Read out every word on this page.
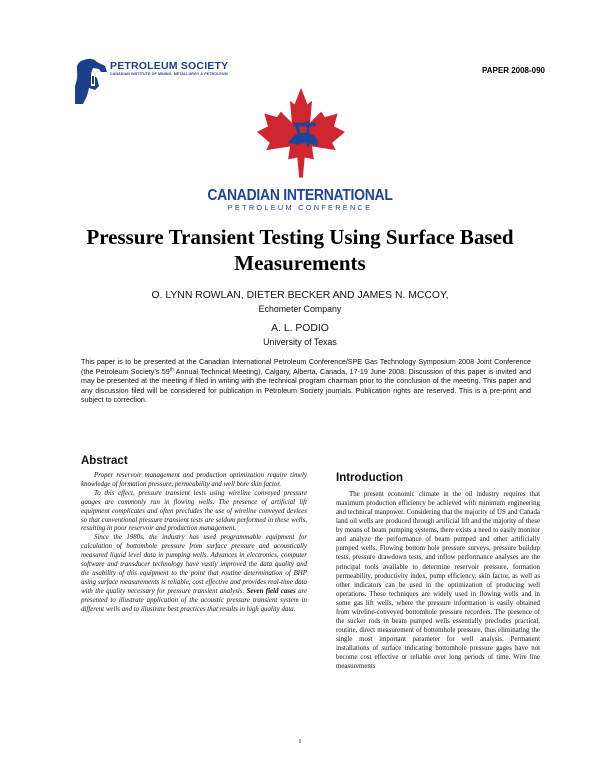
PETROLEUM SOCIETY
CANADIAN INSTITUTE OF MINING, METALLURGY & PETROLEUM	PAPER 2008-090
CANADIAN INTERNATIONAL
PETROLEUM CONFERENCE
Pressure Transient Testing Using Surface Based Measurements
O. LYNN ROWLAN, DIETER BECKER AND JAMES N. MCCOY,
Echometer Company
A. L. PODIO
University of Texas
This paper is to be presented at the Canadian International Petroleum Conference/SPE Gas Technology Symposium 2008 Joint Conference (the Petroleum Society’s 59th Annual Technical Meeting), Calgary, Alberta, Canada, 17-19 June 2008. Discussion of this paper is invited and may be presented at the meeting if filed in writing with the technical program chairman prior to the conclusion of the meeting. This paper and any discussion filed will be considered for publication in Petroleum Society journals. Publication rights are reserved. This is a pre-print and subject to correction.
Abstract

Proper reservoir management and production optimization require timely knowledge of formation pressure, permeability and well bore skin factor.

To this effect, pressure transient tests using wireline conveyed pressure gauges are commonly run in flowing wells. The presence of artificial lift equipment complicates and often precludes the use of wireline conveyed devices so that conventional pressure transient tests are seldom performed in these wells, resulting in poor reservoir and production management.

Since the 1980s, the industry has used programmable equipment for calculation of bottomhole pressure from surface pressure and acoustically measured liquid level data in pumping wells. Advances in electronics, computer software and transducer technology have vastly improved the data quality and the usability of this equipment to the point that routine determination of BHP using surface measurements is reliable, cost effective and provides real-time data with the quality necessary for pressure transient analysis. Seven field cases are presented to illustrate application of the acoustic pressure transient system in different wells and to illustrate best practices that results in high quality data.

Introduction

The present economic climate in the oil industry requires that maximum production efficiency be achieved with minimum engineering and technical manpower. Considering that the majority of US and Canada land oil wells are produced through artificial lift and the majority of these by means of beam pumping systems, there exists a need to easily monitor and analyze the performance of beam pumped and other artificially pumped wells. Flowing bottom hole pressure surveys, pressure buildup tests, pressure drawdown tests, and inflow performance analyses are the principal tools available to determine reservoir pressure, formation permeability, productivity index, pump efficiency, skin factor, as well as other indicators can be used in the optimization of producing well operations. These techniques are widely used in flowing wells and in some gas lift wells, where the pressure information is easily obtained from wireline-conveyed bottomhole pressure recorders. The presence of the sucker rods in beam pumped wells essentially precludes practical, routine, direct measurement of bottomhole pressure, thus eliminating the single most important parameter for well analysis. Permanent installations of surface indicating bottomhole pressure gages have not become cost effective or reliable over long periods of time. Wire line measurements

1
